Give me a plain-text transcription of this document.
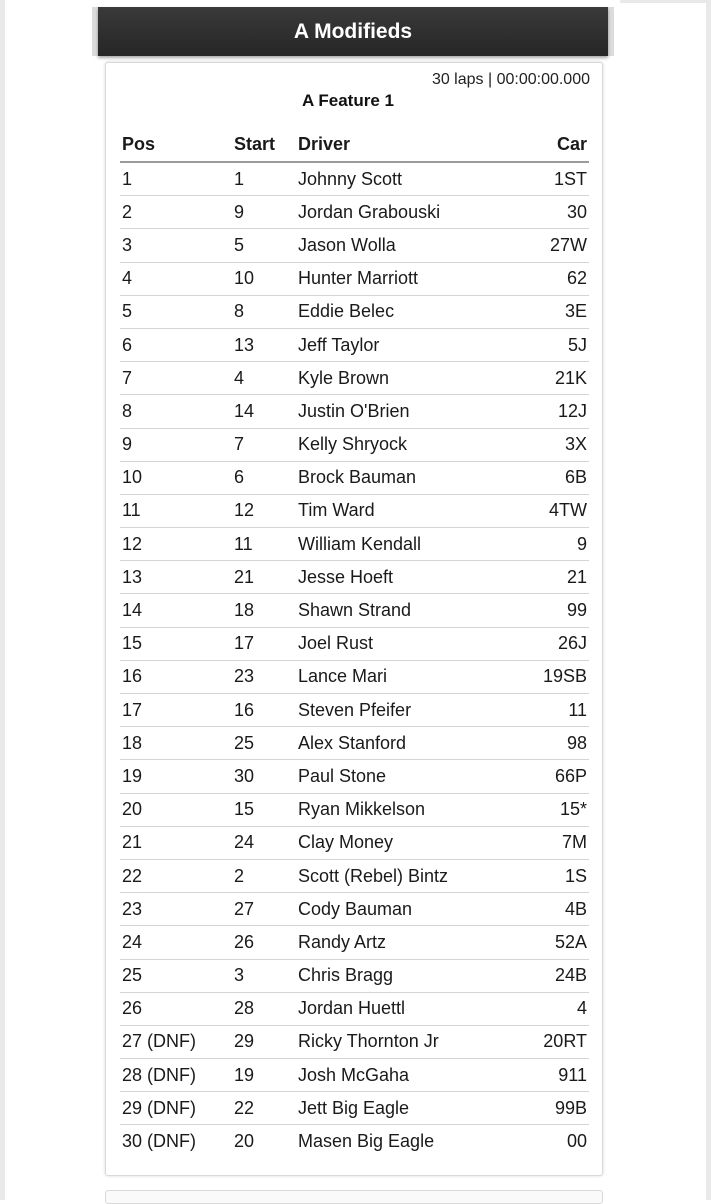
A Modifieds
30 laps | 00:00:00.000
A Feature 1
Pos	Start	Driver	Car
1	1	Johnny Scott	1ST
2	9	Jordan Grabouski	30
3	5	Jason Wolla	27W
4	10	Hunter Marriott	62
5	8	Eddie Belec	3E
6	13	Jeff Taylor	5J
7	4	Kyle Brown	21K
8	14	Justin O'Brien	12J
9	7	Kelly Shryock	3X
10	6	Brock Bauman	6B
11	12	Tim Ward	4TW
12	11	William Kendall	9
13	21	Jesse Hoeft	21
14	18	Shawn Strand	99
15	17	Joel Rust	26J
16	23	Lance Mari	19SB
17	16	Steven Pfeifer	11
18	25	Alex Stanford	98
19	30	Paul Stone	66P
20	15	Ryan Mikkelson	15*
21	24	Clay Money	7M
22	2	Scott (Rebel) Bintz	1S
23	27	Cody Bauman	4B
24	26	Randy Artz	52A
25	3	Chris Bragg	24B
26	28	Jordan Huettl	4
27 (DNF)	29	Ricky Thornton Jr	20RT
28 (DNF)	19	Josh McGaha	911
29 (DNF)	22	Jett Big Eagle	99B
30 (DNF)	20	Masen Big Eagle	00
